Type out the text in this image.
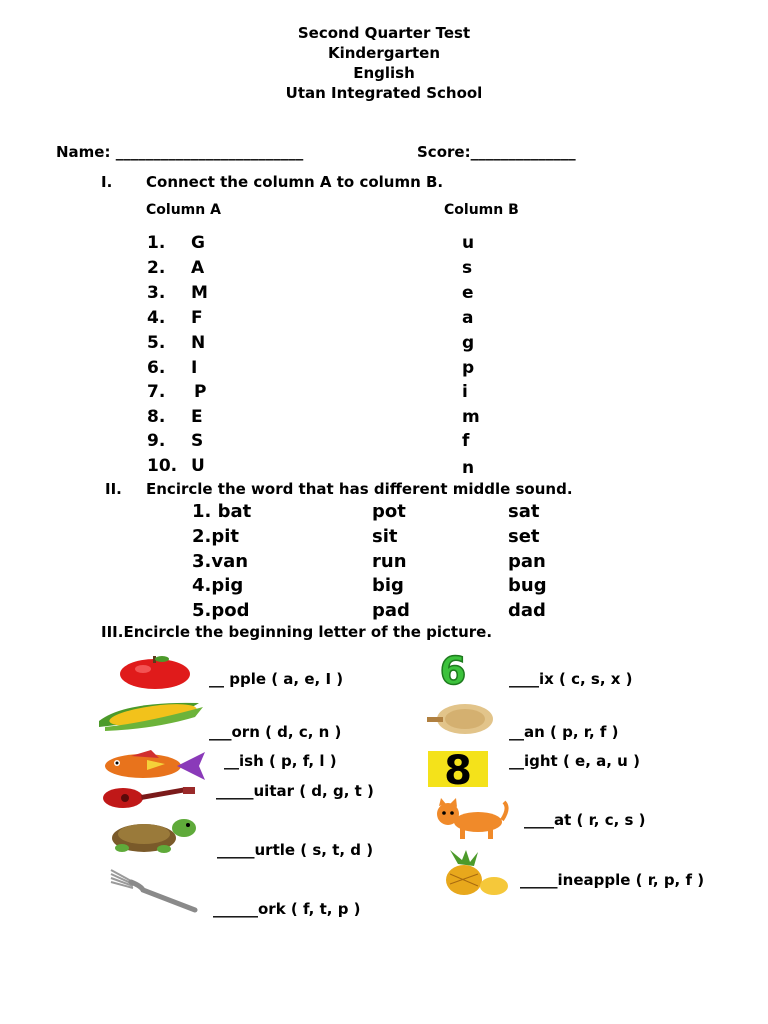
Second Quarter Test
Kindergarten
English
Utan Integrated School
Name: _________________________	Score:______________
I. Connect the column A to column B.
Column A	Column B
1. G	u
2. A	s
3. M	e
4. F	a
5. N	g
6. I	p
7. P	i
8. E	m
9. S	f
10. U	n
II. Encircle the word that has different middle sound.
1. bat	pot	sat
2.pit	sit	set
3.van	run	pan
4.pig	big	bug
5.pod	pad	dad
III.Encircle the beginning letter of the picture.
__ pple ( a, e, I )
___orn ( d, c, n )
__ish ( p, f, l )
_____uitar ( d, g, t )
_____urtle ( s, t, d )
______ork ( f, t, p )
6	____ix ( c, s, x )
__an ( p, r, f )
8 __ight ( e, a, u )
____at ( r, c, s )
_____ineapple ( r, p, f )
